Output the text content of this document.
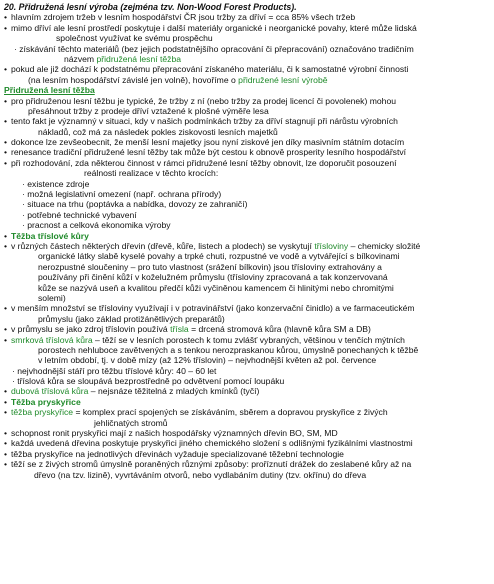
20. Přidružená lesní výroba (zejména tzv. Non-Wood Forest Products).
• hlavním zdrojem tržeb v lesním hospodářství ČR jsou tržby za dříví = cca 85% všech tržeb
• mimo dříví ale lesní prostředí poskytuje i další materiály organické i neorganické povahy, které může lidská
společnost využívat ke svému prospěchu
· získávání těchto materiálů (bez jejich podstatnějšího opracování či přepracování) označováno tradičním
názvem přidružená lesní těžba
• pokud ale již dochází k podstatnému přepracování získaného materiálu, či k samostatné výrobní činnosti
(na lesním hospodářství závislé jen volně), hovoříme o přidružené lesní výrobě
Přidružená lesní těžba
• pro přidruženou lesní těžbu je typické, že tržby z ní (nebo tržby za prodej licencí či povolenek) mohou
přesáhnout tržby z prodeje dříví vztažené k plošné výměře lesa
• tento fakt je významný v situaci, kdy v našich podmínkách tržby za dříví stagnují při nárůstu výrobních
nákladů, což má za následek pokles ziskovosti lesních majetků
• dokonce lze zevšeobecnit, že menší lesní majetky jsou nyní ziskové jen díky masivním státním dotacím
• renesance tradiční přidružené lesní těžby tak může být cestou k obnově prosperity lesního hospodářství
• při rozhodování, zda některou činnost v rámci přidružené lesní těžby obnovit, lze doporučit posouzení
reálnosti realizace v těchto krocích:
· existence zdroje
· možná legislativní omezení (např. ochrana přírody)
· situace na trhu (poptávka a nabídka, dovozy ze zahraničí)
· potřebné technické vybavení
· pracnost a celková ekonomika výroby
• Těžba tříslové kůry
• v různých částech některých dřevin (dřevě, kůře, listech a plodech) se vyskytují třísloviny – chemicky složité
organické látky slabě kyselé povahy a trpké chuti, rozpustné ve vodě a vytvářející s bílkovinami
nerozpustné sloučeniny – pro tuto vlastnost (srážení bílkovin) jsou třísloviny extrahovány a
používány při činění kůží v koželužném průmyslu (třísloviny zpracovaná a tak konzervovaná
kůže se nazývá useň a kvalitou předčí kůži vyčiněnou kamencem či hlinitými nebo chromitými
solemi)
• v menším množství se třísloviny využívají i v potravinářství (jako konzervační činidlo) a ve farmaceutickém
průmyslu (jako základ protiz̈ánětlivých preparátů)
• v průmyslu se jako zdroj tříslovin používá třísla = drcená stromová kůra (hlavně kůra SM a DB)
• smrková tříslová kůra – těží se v lesních porostech k tomu zvlášť vybraných, většinou v tenčích mýtních
porostech nehluboce zavětvených a s tenkou nerozpraskanou kůrou, úmyslně ponechaných k těžbě
v letním období, tj. v době mízy (až 12% tříslovin) – nejvhodnější květen až pol. července
· nejvhodnější stáří pro těžbu tříslové kůry: 40 – 60 let
· tříslová kůra se sloupává bezprostředně po odvětvení pomocí loupáku
• dubová tříslová kůra – nejsnáze těžitelná z mladých kmínků (tyčí)
• Těžba pryskyřice
• těžba pryskyřice = komplex prací spojených se získáváním, sběrem a dopravou pryskyřice z živých
jehličnatých stromů
• schopnost ronit pryskyřici mají z našich hospodářsky významných dřevin BO, SM, MD
• každá uvedená dřevina poskytuje pryskyřici jiného chemického složení s odlišnými fyzikálními vlastnostmi
• těžba pryskyřice na jednotlivých dřevinách vyžaduje specializované těžební technologie
• těží se z živých stromů úmyslně poraněných různými způsoby: proříznutí drážek do zeslabené kůry až na
dřevo (na tzv. lizině), vyvrtáváním otvorů, nebo vydlabáním dutiny (tzv. okřínu) do dřeva
